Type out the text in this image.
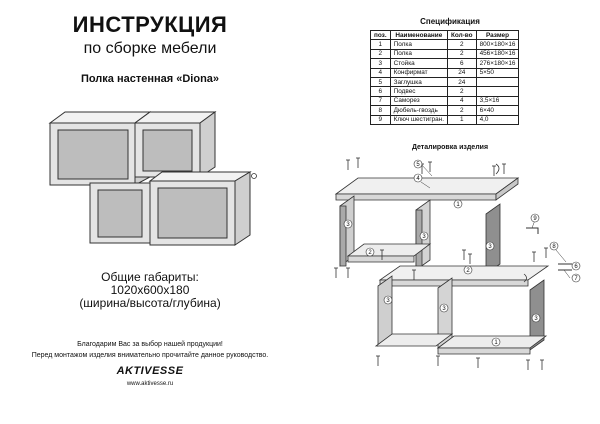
ИНСТРУКЦИЯ
по сборке мебели
Полка настенная «Diona»
Общие габариты:
1020x600x180
(ширина/высота/глубина)
Благодарим Вас за выбор нашей продукции!
Перед монтажом изделия внимательно прочитайте данное руководство.
AKTIVESSE
www.aktivesse.ru
Спецификация
поз.	Наименование	Кол-во	Размер
1	Полка	2	800×180×16
2	Полка	2	456×180×16
3	Стойка	6	276×180×16
4	Конфирмат	24	5×50
5	Заглушка	24	
6	Подвес	2	
7	Саморез	4	3,5×16
8	Дюбель-гвоздь	2	6×40
9	Ключ шестигран.	1	4,0
Деталировка изделия
1
1
2
2
3
3
3
3
3
3
4
5
6
7
8
9
